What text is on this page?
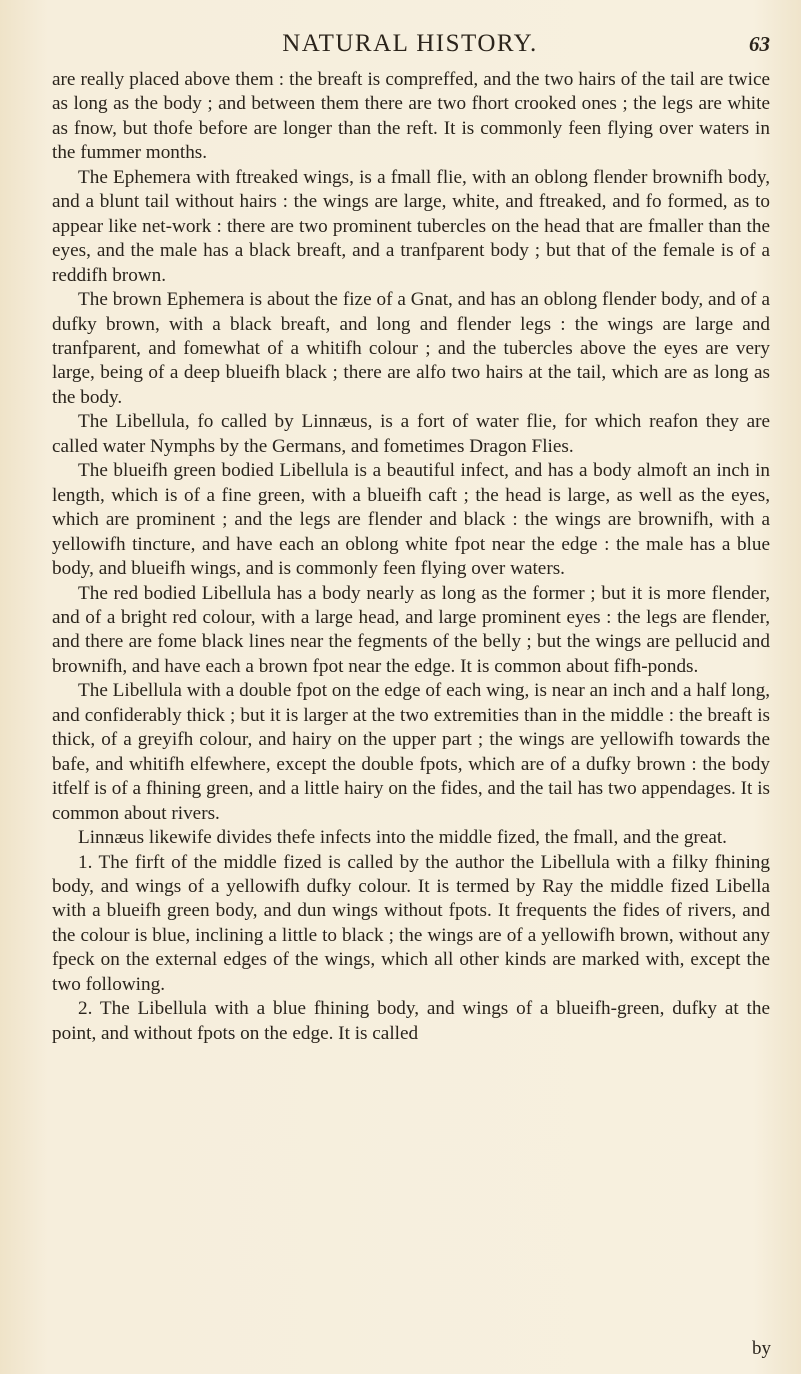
NATURAL HISTORY.	63

are really placed above them : the breaft is compreffed, and the two hairs of the tail are twice as long as the body ; and between them there are two fhort crooked ones ; the legs are white as fnow, but thofe before are longer than the reft. It is commonly feen flying over waters in the fummer months.

The Ephemera with ftreaked wings, is a fmall flie, with an oblong flender brownifh body, and a blunt tail without hairs : the wings are large, white, and ftreaked, and fo formed, as to appear like net-work : there are two prominent tubercles on the head that are fmaller than the eyes, and the male has a black breaft, and a tranfparent body ; but that of the female is of a reddifh brown.

The brown Ephemera is about the fize of a Gnat, and has an oblong flender body, and of a dufky brown, with a black breaft, and long and flender legs : the wings are large and tranfparent, and fomewhat of a whitifh colour ; and the tubercles above the eyes are very large, being of a deep blueifh black ; there are alfo two hairs at the tail, which are as long as the body.

The Libellula, fo called by Linnæus, is a fort of water flie, for which reafon they are called water Nymphs by the Germans, and fometimes Dragon Flies.

The blueifh green bodied Libellula is a beautiful infect, and has a body almoft an inch in length, which is of a fine green, with a blueifh caft ; the head is large, as well as the eyes, which are prominent ; and the legs are flender and black : the wings are brownifh, with a yellowifh tincture, and have each an oblong white fpot near the edge : the male has a blue body, and blueifh wings, and is commonly feen flying over waters.

The red bodied Libellula has a body nearly as long as the former ; but it is more flender, and of a bright red colour, with a large head, and large prominent eyes : the legs are flender, and there are fome black lines near the fegments of the belly ; but the wings are pellucid and brownifh, and have each a brown fpot near the edge. It is common about fifh-ponds.

The Libellula with a double fpot on the edge of each wing, is near an inch and a half long, and confiderably thick ; but it is larger at the two extremities than in the middle : the breaft is thick, of a greyifh colour, and hairy on the upper part ; the wings are yellowifh towards the bafe, and whitifh elfewhere, except the double fpots, which are of a dufky brown : the body itfelf is of a fhining green, and a little hairy on the fides, and the tail has two appendages. It is common about rivers.

Linnæus likewife divides thefe infects into the middle fized, the fmall, and the great.

1. The firft of the middle fized is called by the author the Libellula with a filky fhining body, and wings of a yellowifh dufky colour. It is termed by Ray the middle fized Libella with a blueifh green body, and dun wings without fpots. It frequents the fides of rivers, and the colour is blue, inclining a little to black ; the wings are of a yellowifh brown, without any fpeck on the external edges of the wings, which all other kinds are marked with, except the two following.

2. The Libellula with a blue fhining body, and wings of a blueifh-green, dufky at the point, and without fpots on the edge. It is called

by
